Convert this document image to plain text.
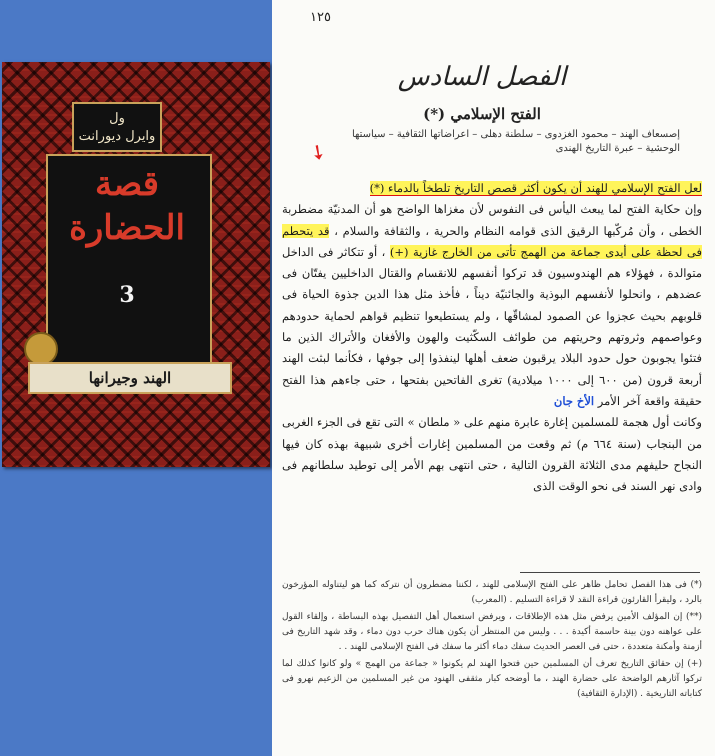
ول
وايرل ديورانت
قصة الحضارة
3
الهند وجيرانها
١٢٥
الفصل السادس
الفتح الإسلامي (*)
إصسعاف الهند – محمود الغزدوى – سلطنة دهلى – اعراضاتها الثقافية – سياستها الوحشية – عبرة التاريخ الهندى
➘

لعل الفتح الإسلامي للهند أن يكون أكثر قصص التاريخ تلطخاً بالدماء (*)

وإن حكاية الفتح لما يبعث اليأس فى النفوس لأن مغزاها الواضح هو أن المدنيّة مضطربة الخطى ، وأن مُركّبها الرقيق الذى قوامه النظام والحرية ، والثقافة والسلام ، قد يتحطم فى لحظة على أيدى جماعة من الهمج تأتى من الخارج غازية (+) ، أو تتكاثر فى الداخل متوالدة ، فهؤلاء هم الهندوسيون قد تركوا أنفسهم للانقسام والقتال الداخليين يفتّان فى عضدهم ، وانحلوا لأنفسهم البوذية والجائنيّة ديناً ، فأخذ مثل هذا الدين جذوة الحياة فى قلوبهم بحيث عجزوا عن الصمود لمشاقّها ، ولم يستطيعوا تنظيم قواهم لحماية حدودهم وعواصمهم وثروتهم وحريتهم من طوائف السكّثيت والهون والأفغان والأتراك الذين ما فتئوا يجوبون حول حدود البلاد يرقبون ضعف أهلها لينفذوا إلى جوفها ، فكأنما لبثت الهند أربعة قرون (من ٦٠٠ إلى ١٠٠٠ ميلادية) تغرى الفاتحين بفتحها ، حتى جاءهم هذا الفتح حقيقة واقعة آخر الأمر الأخ جان

وكانت أول هجمة للمسلمين إغارة عابرة منهم على « ملطان » التى تقع فى الجزء الغربى من البنجاب (سنة ٦٦٤ م) ثم وقعت من المسلمين إغارات أخرى شبيهة بهذه كان فيها النجاح حليفهم مدى الثلاثة القرون التالية ، حتى انتهى بهم الأمر إلى توطيد سلطانهم فى وادى نهر السند فى نحو الوقت الذى

(*) فى هذا الفصل تحامل ظاهر على الفتح الإسلامى للهند ، لكننا مضطرون أن نتركه كما هو ليتناوله المؤرخون بالرد ، وليقرأ القارئون قراءة النقد لا قراءة التسليم . (المعرب)

(**) إن المؤلف الأمين يرفض مثل هذه الإطلاقات ، ويرفض استعمال أهل التفصيل بهذه البساطة ، وإلقاء القول على عواهنه دون بينة حاسمة أكيدة . . . وليس من المنتظر أن يكون هناك حرب دون دماء ، وقد شهد التاريخ فى أزمنة وأمكنة متعددة ، حتى فى العصر الحديث سفك دماء أكثر ما سفك فى الفتح الإسلامى للهند . .

(+) إن حقائق التاريخ تعرف أن المسلمين حين فتحوا الهند لم يكونوا « جماعة من الهمج » ولو كانوا كذلك لما تركوا آثارهم الواضحة على حضارة الهند ، ما أوضحه كبار مثقفى الهنود من غير المسلمين من الزعيم نهرو فى كتاباته التاريخية . (الإدارة الثقافية)
